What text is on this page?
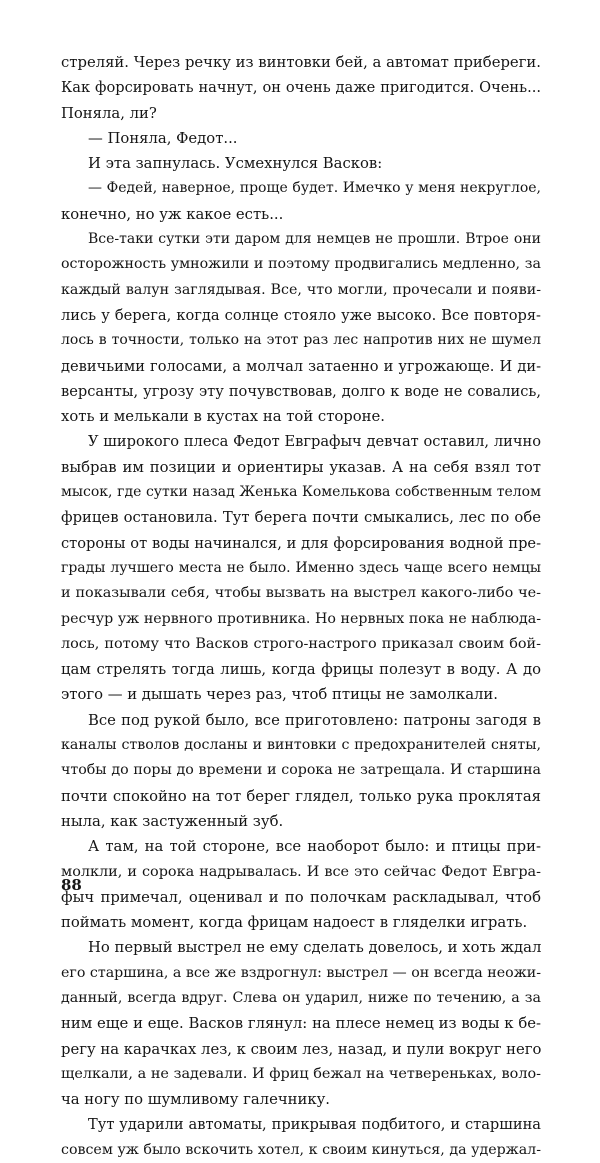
стреляй. Через речку из винтовки бей, а автомат прибереги.
Как форсировать начнут, он очень даже пригодится. Очень...
Поняла, ли?
— Поняла, Федот...
И эта запнулась. Усмехнулся Васков:
— Федей, наверное, проще будет. Имечко у меня некруглое,
конечно, но уж какое есть...
Все-таки сутки эти даром для немцев не прошли. Втрое они
осторожность умножили и поэтому продвигались медленно, за
каждый валун заглядывая. Все, что могли, прочесали и появи-
лись у берега, когда солнце стояло уже высоко. Все повторя-
лось в точности, только на этот раз лес напротив них не шумел
девичьими голосами, а молчал затаенно и угрожающе. И ди-
версанты, угрозу эту почувствовав, долго к воде не совались,
хоть и мелькали в кустах на той стороне.
У широкого плеса Федот Евграфыч девчат оставил, лично
выбрав им позиции и ориентиры указав. А на себя взял тот
мысок, где сутки назад Женька Комелькова собственным телом
фрицев остановила. Тут берега почти смыкались, лес по обе
стороны от воды начинался, и для форсирования водной пре-
грады лучшего места не было. Именно здесь чаще всего немцы
и показывали себя, чтобы вызвать на выстрел какого-либо че-
ресчур уж нервного противника. Но нервных пока не наблюда-
лось, потому что Васков строго-настрого приказал своим бой-
цам стрелять тогда лишь, когда фрицы полезут в воду. А до
этого — и дышать через раз, чтоб птицы не замолкали.
Все под рукой было, все приготовлено: патроны загодя в
каналы стволов досланы и винтовки с предохранителей сняты,
чтобы до поры до времени и сорока не затрещала. И старшина
почти спокойно на тот берег глядел, только рука проклятая
ныла, как застуженный зуб.
А там, на той стороне, все наоборот было: и птицы при-
молкли, и сорока надрывалась. И все это сейчас Федот Евгра-
фыч примечал, оценивал и по полочкам раскладывал, чтоб
поймать момент, когда фрицам надоест в гляделки играть.
Но первый выстрел не ему сделать довелось, и хоть ждал
его старшина, а все же вздрогнул: выстрел — он всегда неожи-
данный, всегда вдруг. Слева он ударил, ниже по течению, а за
ним еще и еще. Васков глянул: на плесе немец из воды к бе-
регу на карачках лез, к своим лез, назад, и пули вокруг него
щелкали, а не задевали. И фриц бежал на четвереньках, воло-
ча ногу по шумливому галечнику.
Тут ударили автоматы, прикрывая подбитого, и старшина
совсем уж было вскочить хотел, к своим кинуться, да удержал-
88
